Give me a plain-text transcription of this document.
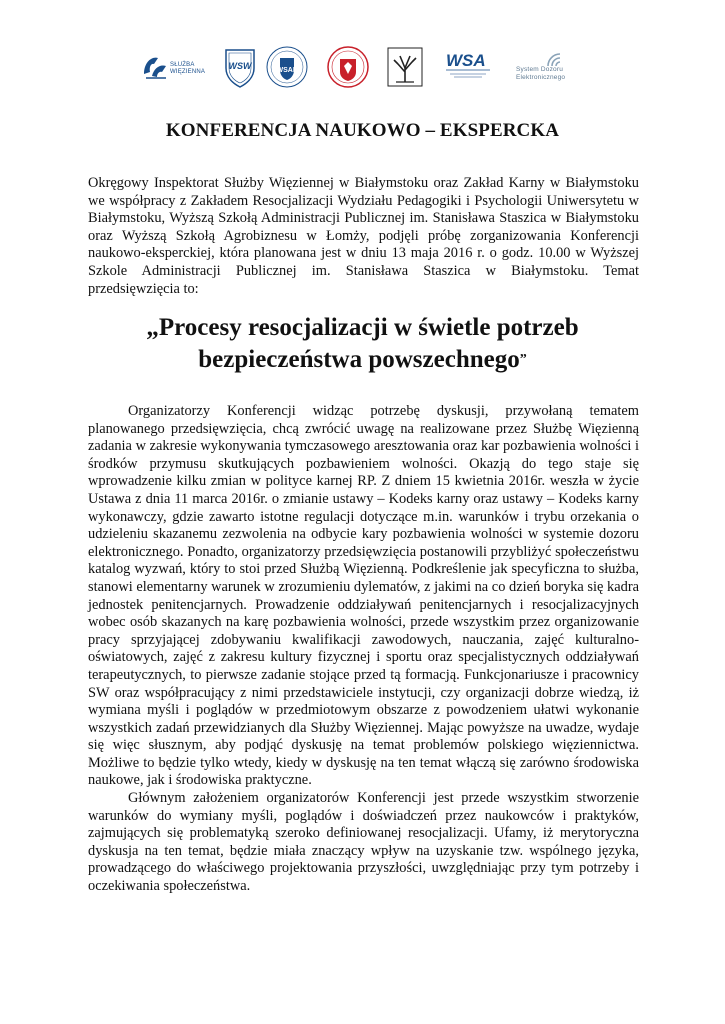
SŁUŻBA
WIĘZIENNA
WSW	WSAP
WSA	System Dozoru
Elektronicznego
KONFERENCJA NAUKOWO – EKSPERCKA

Okręgowy Inspektorat Służby Więziennej w Białymstoku oraz Zakład Karny w Białymstoku we współpracy z Zakładem Resocjalizacji Wydziału Pedagogiki i Psychologii Uniwersytetu w Białymstoku, Wyższą Szkołą Administracji Publicznej im. Stanisława Staszica w Białymstoku oraz Wyższą Szkołą Agrobiznesu w Łomży, podjęli próbę zorganizowania Konferencji naukowo-eksperckiej, która planowana jest w dniu 13 maja 2016 r. o godz. 10.00 w Wyższej Szkole Administracji Publicznej im. Stanisława Staszica w Białymstoku. Temat przedsięwzięcia to:

„Procesy resocjalizacji w świetle potrzeb
bezpieczeństwa powszechnego”

Organizatorzy Konferencji widząc potrzebę dyskusji, przywołaną tematem planowanego przedsięwzięcia, chcą zwrócić uwagę na realizowane przez Służbę Więzienną zadania w zakresie wykonywania tymczasowego aresztowania oraz kar pozbawienia wolności i środków przymusu skutkujących pozbawieniem wolności. Okazją do tego staje się wprowadzenie kilku zmian w polityce karnej RP. Z dniem 15 kwietnia 2016r. weszła w życie Ustawa z dnia 11 marca 2016r. o zmianie ustawy – Kodeks karny oraz ustawy – Kodeks karny wykonawczy, gdzie zawarto istotne regulacji dotyczące m.in. warunków i trybu orzekania o udzieleniu skazanemu zezwolenia na odbycie kary pozbawienia wolności w systemie dozoru elektronicznego. Ponadto, organizatorzy przedsięwzięcia postanowili przybliżyć społeczeństwu katalog wyzwań, który to stoi przed Służbą Więzienną. Podkreślenie jak specyficzna to służba, stanowi elementarny warunek w zrozumieniu dylematów, z jakimi na co dzień boryka się kadra jednostek penitencjarnych. Prowadzenie oddziaływań penitencjarnych i resocjalizacyjnych wobec osób skazanych na karę pozbawienia wolności, przede wszystkim przez organizowanie pracy sprzyjającej zdobywaniu kwalifikacji zawodowych, nauczania, zajęć kulturalno-oświatowych, zajęć z zakresu kultury fizycznej i sportu oraz specjalistycznych oddziaływań terapeutycznych, to pierwsze zadanie stojące przed tą formacją. Funkcjonariusze i pracownicy SW oraz współpracujący z nimi przedstawiciele instytucji, czy organizacji dobrze wiedzą, iż wymiana myśli i poglądów w przedmiotowym obszarze z powodzeniem ułatwi wykonanie wszystkich zadań przewidzianych dla Służby Więziennej. Mając powyższe na uwadze, wydaje się więc słusznym, aby podjąć dyskusję na temat problemów polskiego więziennictwa. Możliwe to będzie tylko wtedy, kiedy w dyskusję na ten temat włączą się zarówno środowiska naukowe, jak i środowiska praktyczne.

Głównym założeniem organizatorów Konferencji jest przede wszystkim stworzenie warunków do wymiany myśli, poglądów i doświadczeń przez naukowców i praktyków, zajmujących się problematyką szeroko definiowanej resocjalizacji. Ufamy, iż merytoryczna dyskusja na ten temat, będzie miała znaczący wpływ na uzyskanie tzw. wspólnego języka, prowadzącego do właściwego projektowania przyszłości, uwzględniając przy tym potrzeby i oczekiwania społeczeństwa.
